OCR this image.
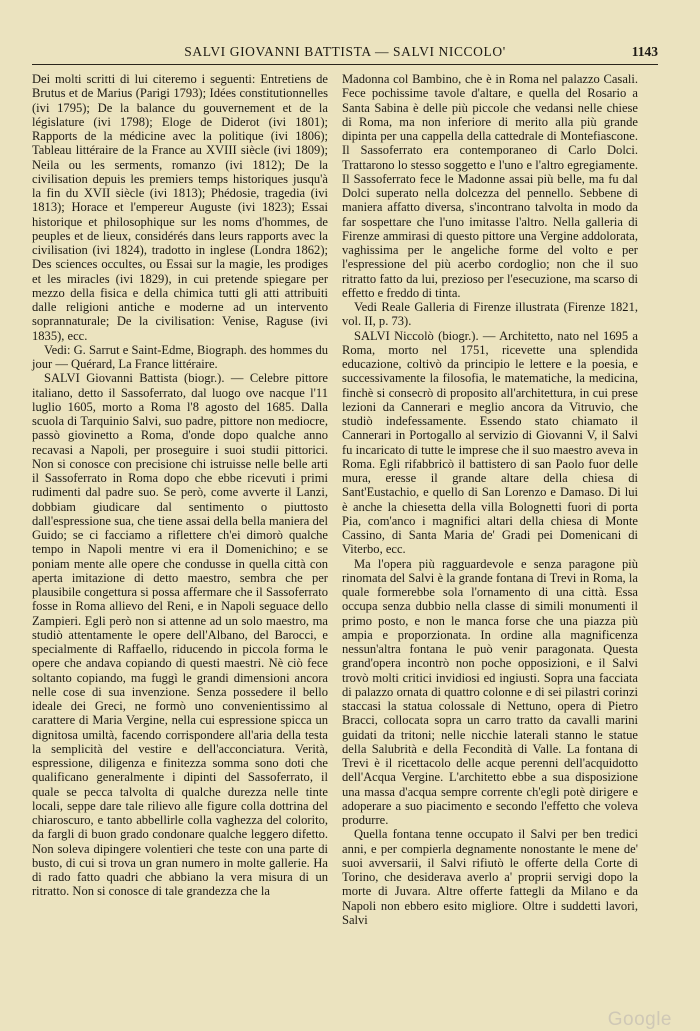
SALVI GIOVANNI BATTISTA — SALVI NICCOLO'	1143

Dei molti scritti di lui citeremo i seguenti: Entretiens de Brutus et de Marius (Parigi 1793); Idées constitutionnelles (ivi 1795); De la balance du gouvernement et de la législature (ivi 1798); Eloge de Diderot (ivi 1801); Rapports de la médicine avec la politique (ivi 1806); Tableau littéraire de la France au XVIII siècle (ivi 1809); Neila ou les serments, romanzo (ivi 1812); De la civilisation depuis les premiers temps historiques jusqu'à la fin du XVII siècle (ivi 1813); Phédosie, tragedia (ivi 1813); Horace et l'empereur Auguste (ivi 1823); Essai historique et philosophique sur les noms d'hommes, de peuples et de lieux, considérés dans leurs rapports avec la civilisation (ivi 1824), tradotto in inglese (Londra 1862); Des sciences occultes, ou Essai sur la magie, les prodiges et les miracles (ivi 1829), in cui pretende spiegare per mezzo della fisica e della chimica tutti gli atti attribuiti dalle religioni antiche e moderne ad un intervento soprannaturale; De la civilisation: Venise, Raguse (ivi 1835), ecc.

Vedi: G. Sarrut e Saint-Edme, Biograph. des hommes du jour — Quérard, La France littéraire.

SALVI Giovanni Battista (biogr.). — Celebre pittore italiano, detto il Sassoferrato, dal luogo ove nacque l'11 luglio 1605, morto a Roma l'8 agosto del 1685. Dalla scuola di Tarquinio Salvi, suo padre, pittore non mediocre, passò giovinetto a Roma, d'onde dopo qualche anno recavasi a Napoli, per proseguire i suoi studii pittorici. Non si conosce con precisione chi istruisse nelle belle arti il Sassoferrato in Roma dopo che ebbe ricevuti i primi rudimenti dal padre suo. Se però, come avverte il Lanzi, dobbiam giudicare dal sentimento o piuttosto dall'espressione sua, che tiene assai della bella maniera del Guido; se ci facciamo a riflettere ch'ei dimorò qualche tempo in Napoli mentre vi era il Domenichino; e se poniam mente alle opere che condusse in quella città con aperta imitazione di detto maestro, sembra che per plausibile congettura si possa affermare che il Sassoferrato fosse in Roma allievo del Reni, e in Napoli seguace dello Zampieri. Egli però non si attenne ad un solo maestro, ma studiò attentamente le opere dell'Albano, del Barocci, e specialmente di Raffaello, riducendo in piccola forma le opere che andava copiando di questi maestri. Nè ciò fece soltanto copiando, ma fuggì le grandi dimensioni ancora nelle cose di sua invenzione. Senza possedere il bello ideale dei Greci, ne formò uno convenientissimo al carattere di Maria Vergine, nella cui espressione spicca un dignitosa umiltà, facendo corrispondere all'aria della testa la semplicità del vestire e dell'acconciatura. Verità, espressione, diligenza e finitezza somma sono doti che qualificano generalmente i dipinti del Sassoferrato, il quale se pecca talvolta di qualche durezza nelle tinte locali, seppe dare tale rilievo alle figure colla dottrina del chiaroscuro, e tanto abbellirle colla vaghezza del colorito, da fargli di buon grado condonare qualche leggero difetto. Non soleva dipingere volentieri che teste con una parte di busto, di cui si trova un gran numero in molte gallerie. Ha di rado fatto quadri che abbiano la vera misura di un ritratto. Non si conosce di tale grandezza che la

Madonna col Bambino, che è in Roma nel palazzo Casali. Fece pochissime tavole d'altare, e quella del Rosario a Santa Sabina è delle più piccole che vedansi nelle chiese di Roma, ma non inferiore di merito alla più grande dipinta per una cappella della cattedrale di Montefiascone. Il Sassoferrato era contemporaneo di Carlo Dolci. Trattarono lo stesso soggetto e l'uno e l'altro egregiamente. Il Sassoferrato fece le Madonne assai più belle, ma fu dal Dolci superato nella dolcezza del pennello. Sebbene di maniera affatto diversa, s'incontrano talvolta in modo da far sospettare che l'uno imitasse l'altro. Nella galleria di Firenze ammirasi di questo pittore una Vergine addolorata, vaghissima per le angeliche forme del volto e per l'espressione del più acerbo cordoglio; non che il suo ritratto fatto da lui, prezioso per l'esecuzione, ma scarso di effetto e freddo di tinta.

Vedi Reale Galleria di Firenze illustrata (Firenze 1821, vol. II, p. 73).

SALVI Niccolò (biogr.). — Architetto, nato nel 1695 a Roma, morto nel 1751, ricevette una splendida educazione, coltivò da principio le lettere e la poesia, e successivamente la filosofia, le matematiche, la medicina, finchè si consecrò di proposito all'architettura, in cui prese lezioni da Cannerari e meglio ancora da Vitruvio, che studiò indefessamente. Essendo stato chiamato il Cannerari in Portogallo al servizio di Giovanni V, il Salvi fu incaricato di tutte le imprese che il suo maestro aveva in Roma. Egli rifabbricò il battistero di san Paolo fuor delle mura, eresse il grande altare della chiesa di Sant'Eustachio, e quello di San Lorenzo e Damaso. Di lui è anche la chiesetta della villa Bolognetti fuori di porta Pia, com'anco i magnifici altari della chiesa di Monte Cassino, di Santa Maria de' Gradi pei Domenicani di Viterbo, ecc.

Ma l'opera più ragguardevole e senza paragone più rinomata del Salvi è la grande fontana di Trevi in Roma, la quale formerebbe sola l'ornamento di una città. Essa occupa senza dubbio nella classe di simili monumenti il primo posto, e non le manca forse che una piazza più ampia e proporzionata. In ordine alla magnificenza nessun'altra fontana le può venir paragonata. Questa grand'opera incontrò non poche opposizioni, e il Salvi trovò molti critici invidiosi ed ingiusti. Sopra una facciata di palazzo ornata di quattro colonne e di sei pilastri corinzi staccasi la statua colossale di Nettuno, opera di Pietro Bracci, collocata sopra un carro tratto da cavalli marini guidati da tritoni; nelle nicchie laterali stanno le statue della Salubrità e della Fecondità di Valle. La fontana di Trevi è il ricettacolo delle acque perenni dell'acquidotto dell'Acqua Vergine. L'architetto ebbe a sua disposizione una massa d'acqua sempre corrente ch'egli potè dirigere e adoperare a suo piacimento e secondo l'effetto che voleva produrre.

Quella fontana tenne occupato il Salvi per ben tredici anni, e per compierla degnamente nonostante le mene de' suoi avversarii, il Salvi rifiutò le offerte della Corte di Torino, che desiderava averlo a' proprii servigi dopo la morte di Juvara. Altre offerte fattegli da Milano e da Napoli non ebbero esito migliore. Oltre i suddetti lavori, Salvi

Google
